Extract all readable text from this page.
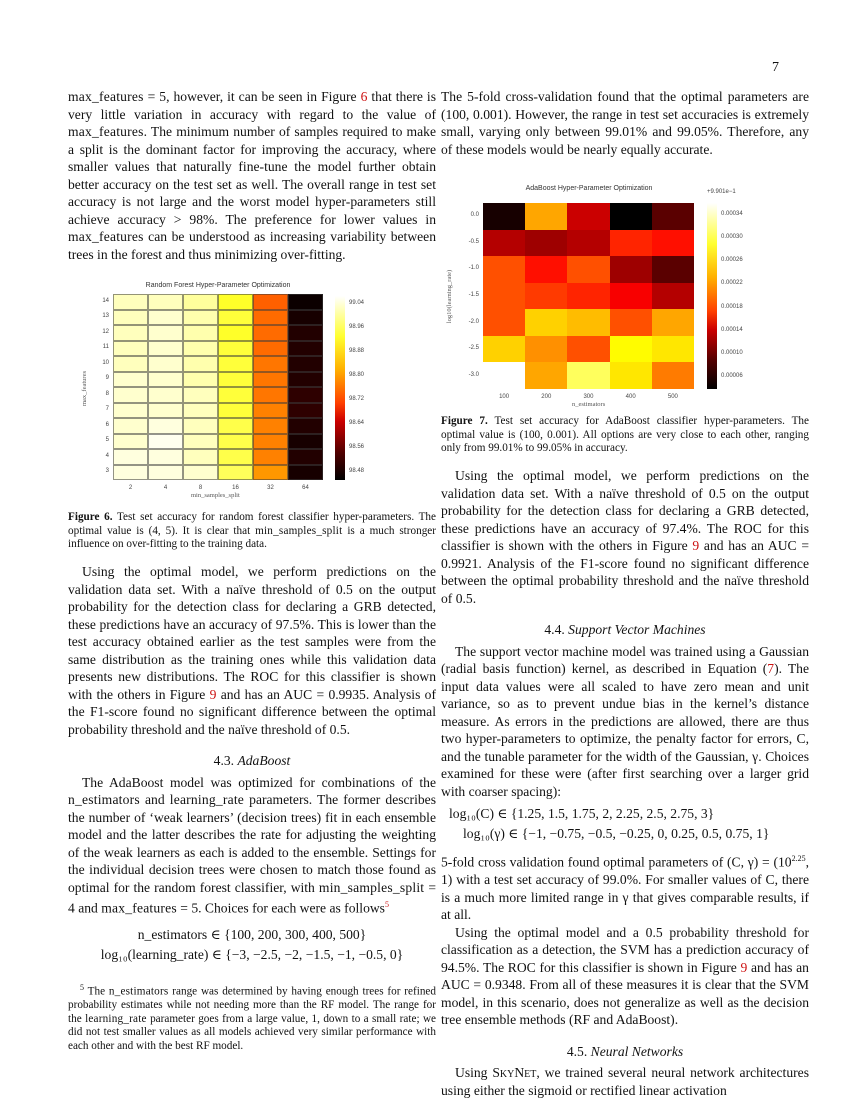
7

max_features = 5, however, it can be seen in Figure 6 that there is very little variation in accuracy with regard to the value of max_features. The minimum number of samples required to make a split is the dominant factor for improving the accuracy, where smaller values that naturally fine-tune the model further obtain better accuracy on the test set as well. The overall range in test set accuracy is not large and the worst model hyper-parameters still achieve accuracy > 98%. The preference for lower values in max_features can be understood as increasing variability between trees in the forest and thus minimizing over-fitting.

Random Forest Hyper-Parameter Optimization
14
13
12
11
10
9
8
7
6
5
4
3
2	4	8	16	32	64
max_features
min_samples_split
99.04
98.96
98.88
98.80
98.72
98.64
98.56
98.48

Figure 6. Test set accuracy for random forest classifier hyper-parameters. The optimal value is (4, 5). It is clear that min_samples_split is a much stronger influence on over-fitting to the training data.

Using the optimal model, we perform predictions on the validation data set. With a naïve threshold of 0.5 on the output probability for the detection class for declaring a GRB detected, these predictions have an accuracy of 97.5%. This is lower than the test accuracy obtained earlier as the test samples were from the same distribution as the training ones while this validation data presents new distributions. The ROC for this classifier is shown with the others in Figure 9 and has an AUC = 0.9935. Analysis of the F1-score found no significant difference between the optimal probability threshold and the naïve threshold of 0.5.

4.3. AdaBoost

The AdaBoost model was optimized for combinations of the n_estimators and learning_rate parameters. The former describes the number of ‘weak learners’ (decision trees) fit in each ensemble model and the latter describes the rate for adjusting the weighting of the weak learners as each is added to the ensemble. Settings for the individual decision trees were chosen to match those found as optimal for the random forest classifier, with min_samples_split = 4 and max_features = 5. Choices for each were as follows$^5$

n_estimators ∈ {100, 200, 300, 400, 500}
log₁₀(learning_rate) ∈ {−3, −2.5, −2, −1.5, −1, −0.5, 0}

$^5$ The n_estimators range was determined by having enough trees for refined probability estimates while not needing more than the RF model. The range for the learning_rate parameter goes from a large value, 1, down to a small rate; we did not test smaller values as all models achieved very similar performance with each other and with the best RF model.

The 5-fold cross-validation found that the optimal parameters are (100, 0.001). However, the range in test set accuracies is extremely small, varying only between 99.01% and 99.05%. Therefore, any of these models would be nearly equally accurate.

AdaBoost Hyper-Parameter Optimization
0.0
-0.5
-1.0
-1.5
-2.0
-2.5
-3.0
100	200	300	400	500
log10(learning_rate)
n_estimators
+9.901e−1
0.00034
0.00030
0.00026
0.00022
0.00018
0.00014
0.00010
0.00006

Figure 7. Test set accuracy for AdaBoost classifier hyper-parameters. The optimal value is (100, 0.001). All options are very close to each other, ranging only from 99.01% to 99.05% in accuracy.

Using the optimal model, we perform predictions on the validation data set. With a naïve threshold of 0.5 on the output probability for the detection class for declaring a GRB detected, these predictions have an accuracy of 97.4%. The ROC for this classifier is shown with the others in Figure 9 and has an AUC = 0.9921. Analysis of the F1-score found no significant difference between the optimal probability threshold and the naïve threshold of 0.5.

4.4. Support Vector Machines

The support vector machine model was trained using a Gaussian (radial basis function) kernel, as described in Equation (7). The input data values were all scaled to have zero mean and unit variance, so as to prevent undue bias in the kernel’s distance measure. As errors in the predictions are allowed, there are thus two hyper-parameters to optimize, the penalty factor for errors, C, and the tunable parameter for the width of the Gaussian, γ. Choices examined for these were (after first searching over a larger grid with coarser spacing):

log₁₀(C) ∈ {1.25, 1.5, 1.75, 2, 2.25, 2.5, 2.75, 3}
log₁₀(γ) ∈ {−1, −0.75, −0.5, −0.25, 0, 0.25, 0.5, 0.75, 1}

5-fold cross validation found optimal parameters of (C, $\gamma) = (10^{2.25}$, 1) with a test set accuracy of 99.0%. For smaller values of C, there is a much more limited range in γ that gives comparable results, if at all.

Using the optimal model and a 0.5 probability threshold for classification as a detection, the SVM has a prediction accuracy of 94.5%. The ROC for this classifier is shown in Figure 9 and has an AUC = 0.9348. From all of these measures it is clear that the SVM model, in this scenario, does not generalize as well as the decision tree ensemble methods (RF and AdaBoost).

4.5. Neural Networks

Using SkyNet, we trained several neural network architectures using either the sigmoid or rectified linear activation
